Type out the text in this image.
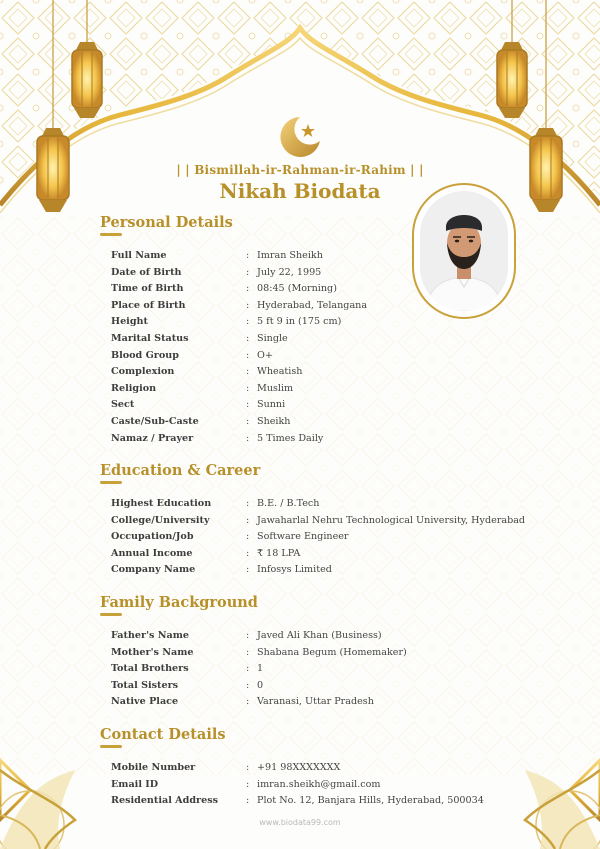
| | Bismillah-ir-Rahman-ir-Rahim | |
Nikah Biodata
Personal Details
Full Name	: Imran Sheikh
Date of Birth	: July 22, 1995
Time of Birth	: 08:45 (Morning)
Place of Birth	: Hyderabad, Telangana
Height	: 5 ft 9 in (175 cm)
Marital Status	: Single
Blood Group	: O+
Complexion	: Wheatish
Religion	: Muslim
Sect	: Sunni
Caste/Sub-Caste	: Sheikh
Namaz / Prayer	: 5 Times Daily
Education & Career
Highest Education	: B.E. / B.Tech
College/University	: Jawaharlal Nehru Technological University, Hyderabad
Occupation/Job	: Software Engineer
Annual Income	: ₹ 18 LPA
Company Name	: Infosys Limited
Family Background
Father's Name	: Javed Ali Khan (Business)
Mother's Name	: Shabana Begum (Homemaker)
Total Brothers	: 1
Total Sisters	: 0
Native Place	: Varanasi, Uttar Pradesh
Contact Details
Mobile Number	: +91 98XXXXXXX
Email ID	: imran.sheikh@gmail.com
Residential Address	: Plot No. 12, Banjara Hills, Hyderabad, 500034
www.biodata99.com
